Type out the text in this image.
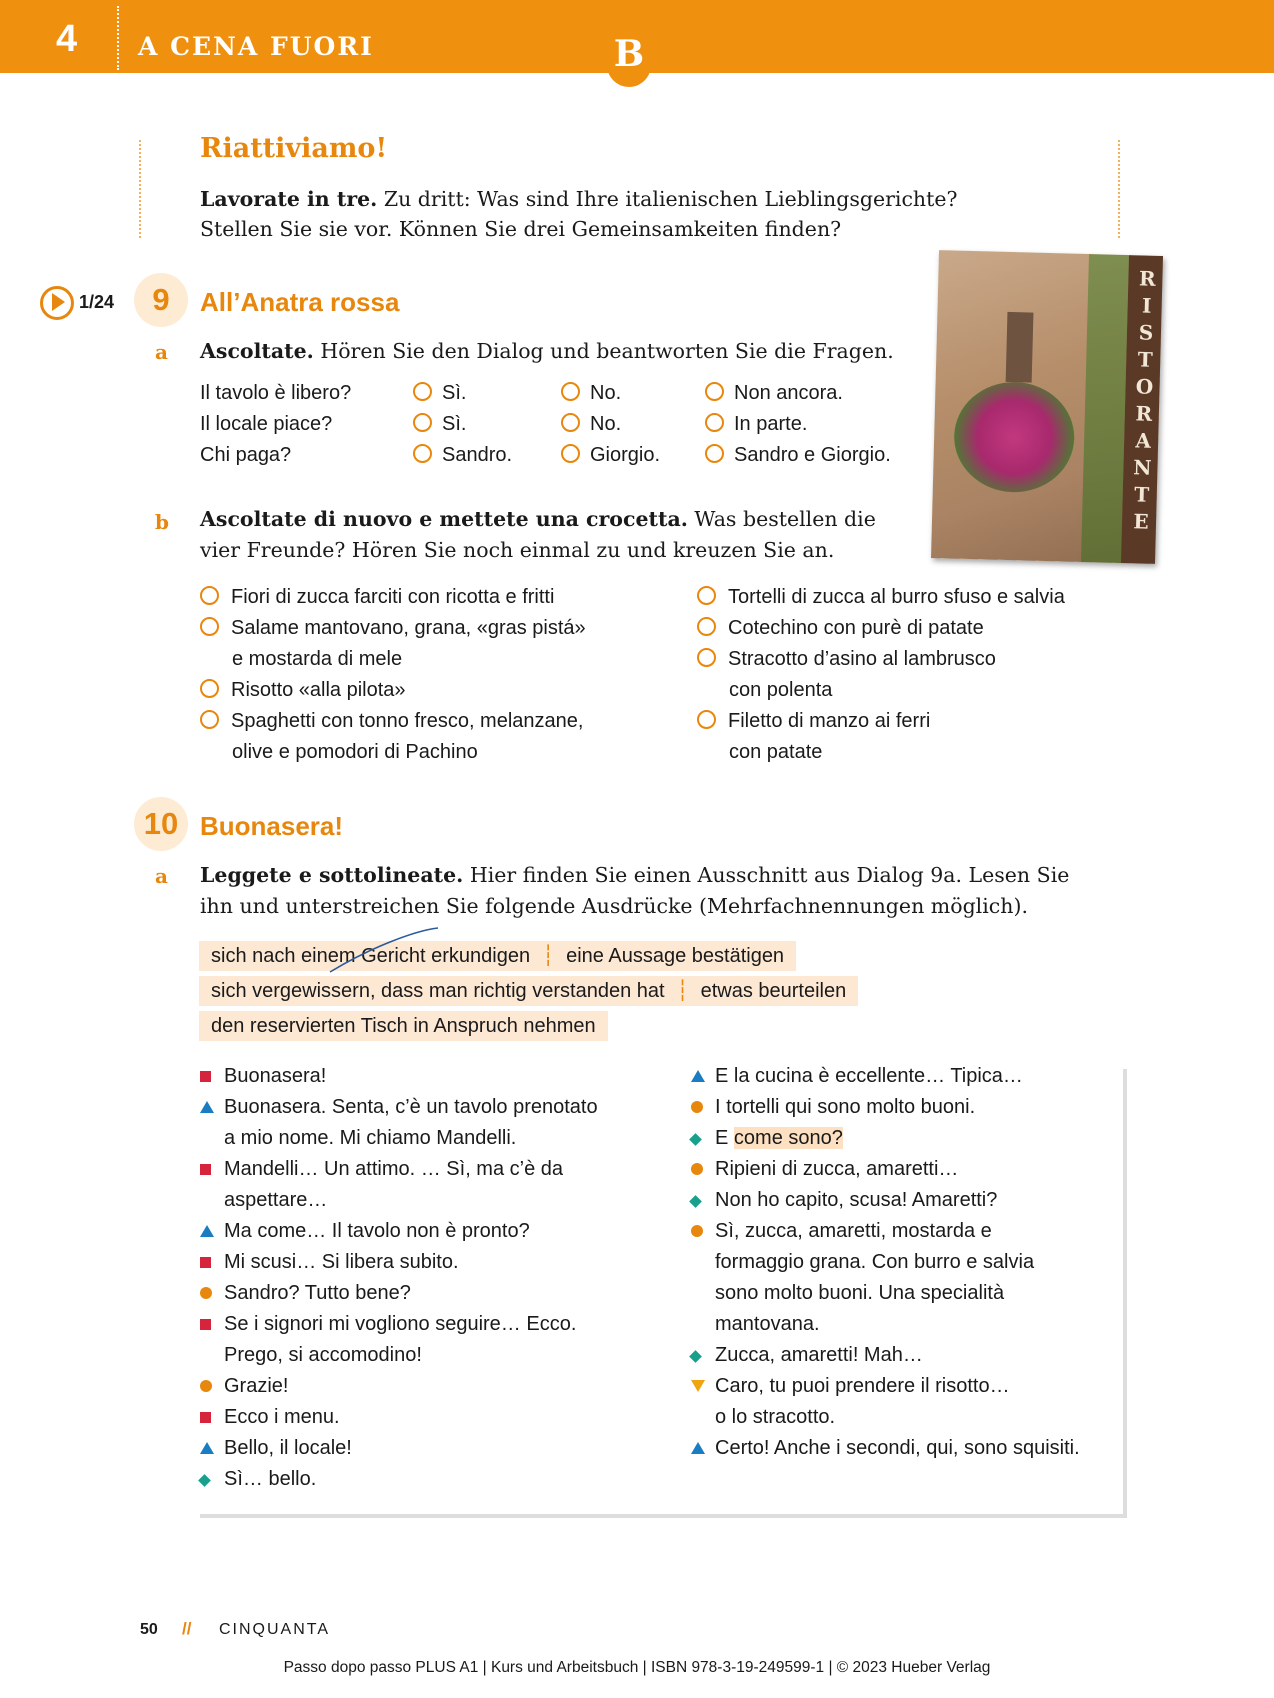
4 A CENA FUORI	B
Riattiviamo!
Lavorate in tre. Zu dritt: Was sind Ihre italienischen Lieblingsgerichte?
Stellen Sie sie vor. Können Sie drei Gemeinsamkeiten finden?
1/24	9	All’Anatra rossa
a Ascoltate. Hören Sie den Dialog und beantworten Sie die Fragen.
Il tavolo è libero?	Sì.	No.	Non ancora.
Il locale piace?	Sì.	No.	In parte.
Chi paga?	Sandro.	Giorgio.	Sandro e Giorgio.
R
I
S
T
O
R
A
N
T
E
b Ascoltate di nuovo e mettete una crocetta. Was bestellen die
vier Freunde? Hören Sie noch einmal zu und kreuzen Sie an.
Fiori di zucca farciti con ricotta e fritti
Salame mantovano, grana, «gras pistá»
e mostarda di mele
Risotto «alla pilota»
Spaghetti con tonno fresco, melanzane,
olive e pomodori di Pachino
Tortelli di zucca al burro sfuso e salvia
Cotechino con purè di patate
Stracotto d’asino al lambrusco
con polenta
Filetto di manzo ai ferri
con patate
10 Buonasera!
a Leggete e sottolineate. Hier finden Sie einen Ausschnitt aus Dialog 9a. Lesen Sie
ihn und unterstreichen Sie folgende Ausdrücke (Mehrfachnennungen möglich).
sich nach einem Gericht erkundigen ┆ eine Aussage bestätigen
sich vergewissern, dass man richtig verstanden hat ┆ etwas beurteilen
den reservierten Tisch in Anspruch nehmen
Buonasera!
Buonasera. Senta, c’è un tavolo prenotato
a mio nome. Mi chiamo Mandelli.
Mandelli… Un attimo. … Sì, ma c’è da
aspettare…
Ma come… Il tavolo non è pronto?
Mi scusi… Si libera subito.
Sandro? Tutto bene?
Se i signori mi vogliono seguire… Ecco.
Prego, si accomodino!
Grazie!
Ecco i menu.
Bello, il locale!
Sì… bello.
E la cucina è eccellente… Tipica…
I tortelli qui sono molto buoni.
E come sono?
Ripieni di zucca, amaretti…
Non ho capito, scusa! Amaretti?
Sì, zucca, amaretti, mostarda e
formaggio grana. Con burro e salvia
sono molto buoni. Una specialità
mantovana.
Zucca, amaretti! Mah…
Caro, tu puoi prendere il risotto…
o lo stracotto.
Certo! Anche i secondi, qui, sono squisiti.
50 // CINQUANTA
Passo dopo passo PLUS A1 | Kurs und Arbeitsbuch | ISBN 978-3-19-249599-1 | © 2023 Hueber Verlag
